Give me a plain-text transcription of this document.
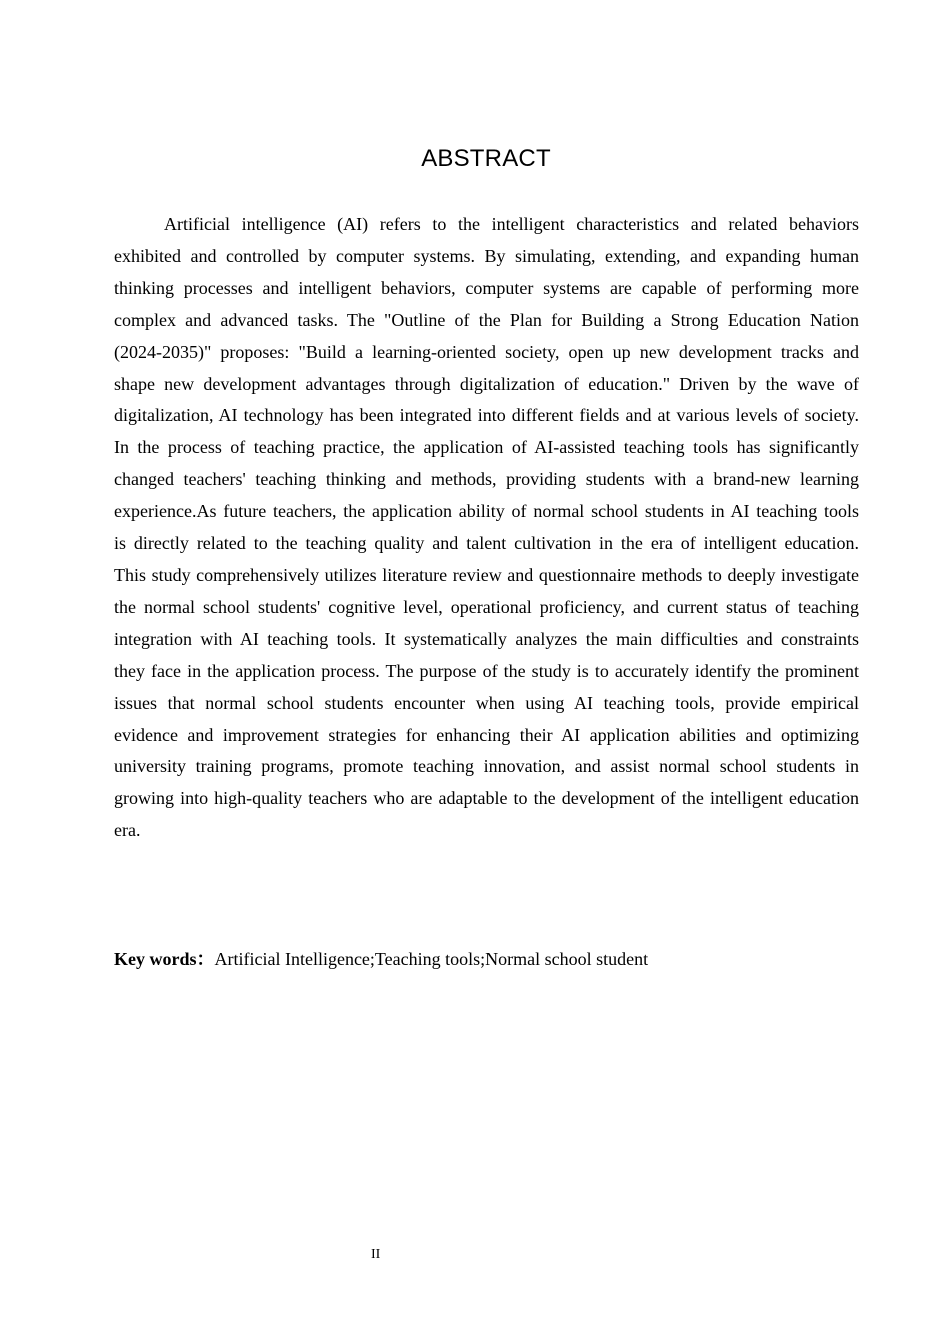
ABSTRACT

Artificial intelligence (AI) refers to the intelligent characteristics and related behaviors exhibited and controlled by computer systems. By simulating, extending, and expanding human thinking processes and intelligent behaviors, computer systems are capable of performing more complex and advanced tasks. The "Outline of the Plan for Building a Strong Education Nation (2024-2035)" proposes: "Build a learning-oriented society, open up new development tracks and shape new development advantages through digitalization of education." Driven by the wave of digitalization, AI technology has been integrated into different fields and at various levels of society. In the process of teaching practice, the application of AI-assisted teaching tools has significantly changed teachers' teaching thinking and methods, providing students with a brand-new learning experience.As future teachers, the application ability of normal school students in AI teaching tools is directly related to the teaching quality and talent cultivation in the era of intelligent education. This study comprehensively utilizes literature review and questionnaire methods to deeply investigate the normal school students' cognitive level, operational proficiency, and current status of teaching integration with AI teaching tools. It systematically analyzes the main difficulties and constraints they face in the application process. The purpose of the study is to accurately identify the prominent issues that normal school students encounter when using AI teaching tools, provide empirical evidence and improvement strategies for enhancing their AI application abilities and optimizing university training programs, promote teaching innovation, and assist normal school students in growing into high-quality teachers who are adaptable to the development of the intelligent education era.

Key words：Artificial Intelligence;Teaching tools;Normal school student
II
